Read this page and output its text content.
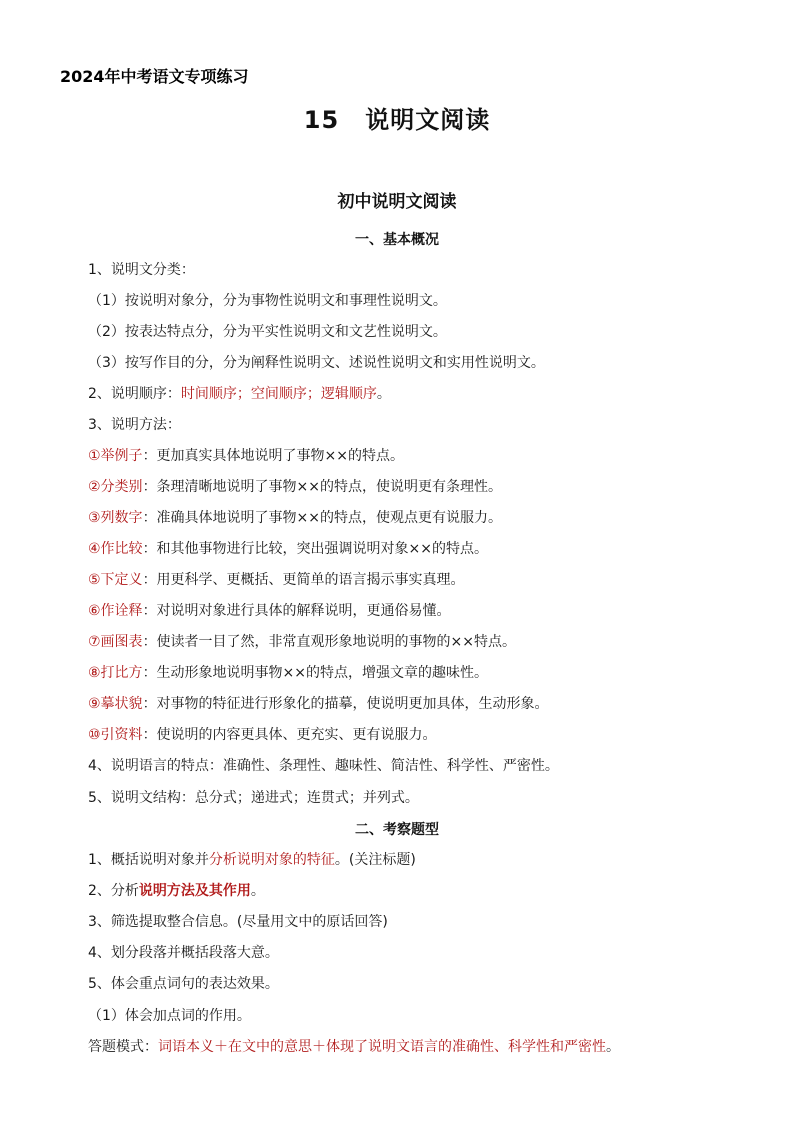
2024年中考语文专项练习
15 说明文阅读
初中说明文阅读
一、基本概况
1、说明文分类：
（1）按说明对象分，分为事物性说明文和事理性说明文。
（2）按表达特点分，分为平实性说明文和文艺性说明文。
（3）按写作目的分，分为阐释性说明文、述说性说明文和实用性说明文。
2、说明顺序：时间顺序；空间顺序；逻辑顺序。
3、说明方法：
①举例子：更加真实具体地说明了事物××的特点。
②分类别：条理清晰地说明了事物××的特点，使说明更有条理性。
③列数字：准确具体地说明了事物××的特点，使观点更有说服力。
④作比较：和其他事物进行比较，突出强调说明对象××的特点。
⑤下定义：用更科学、更概括、更简单的语言揭示事实真理。
⑥作诠释：对说明对象进行具体的解释说明，更通俗易懂。
⑦画图表：使读者一目了然，非常直观形象地说明的事物的××特点。
⑧打比方：生动形象地说明事物××的特点，增强文章的趣味性。
⑨摹状貌：对事物的特征进行形象化的描摹，使说明更加具体，生动形象。
⑩引资料：使说明的内容更具体、更充实、更有说服力。
4、说明语言的特点：准确性、条理性、趣味性、简洁性、科学性、严密性。
5、说明文结构：总分式；递进式；连贯式；并列式。
二、考察题型
1、概括说明对象并分析说明对象的特征。(关注标题)
2、分析说明方法及其作用。
3、筛选提取整合信息。(尽量用文中的原话回答)
4、划分段落并概括段落大意。
5、体会重点词句的表达效果。
（1）体会加点词的作用。
答题模式：词语本义＋在文中的意思＋体现了说明文语言的准确性、科学性和严密性。
